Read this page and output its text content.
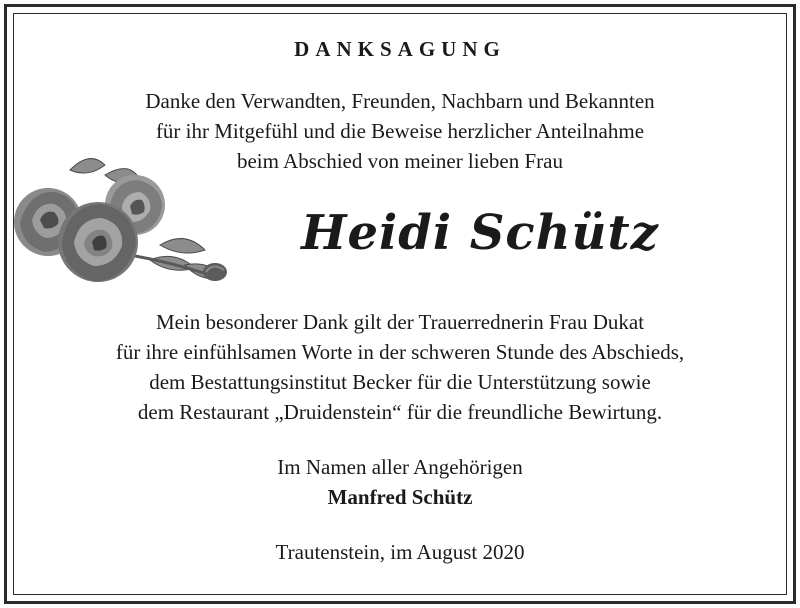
DANKSAGUNG
Danke den Verwandten, Freunden, Nachbarn und Bekannten
für ihr Mitgefühl und die Beweise herzlicher Anteilnahme
beim Abschied von meiner lieben Frau
Heidi Schütz
Mein besonderer Dank gilt der Trauerrednerin Frau Dukat
für ihre einfühlsamen Worte in der schweren Stunde des Abschieds,
dem Bestattungsinstitut Becker für die Unterstützung sowie
dem Restaurant „Druidenstein“ für die freundliche Bewirtung.
Im Namen aller Angehörigen
Manfred Schütz
Trautenstein, im August 2020
